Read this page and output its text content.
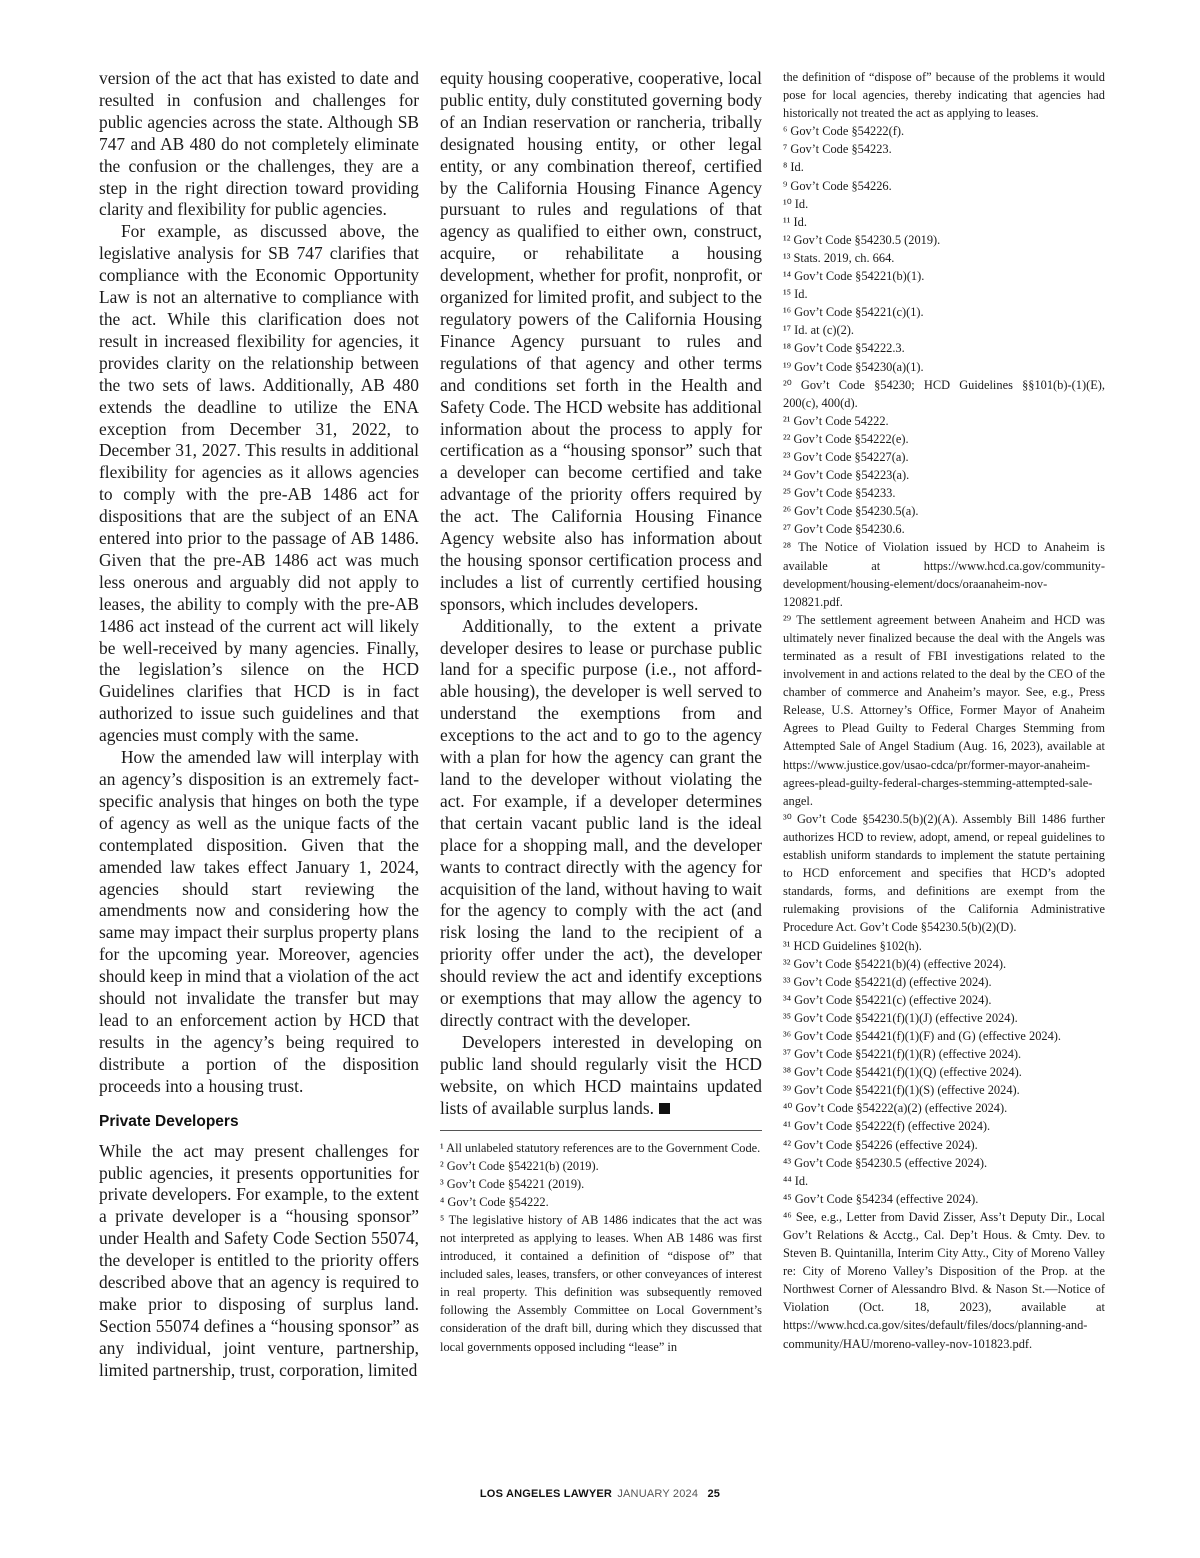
version of the act that has existed to date and resulted in confusion and challenges for public agencies across the state. Although SB 747 and AB 480 do not completely eliminate the confusion or the challenges, they are a step in the right direction toward providing clarity and flexibility for public agencies.

For example, as discussed above, the legislative analysis for SB 747 clarifies that compliance with the Economic Opportunity Law is not an alternative to compliance with the act. While this clarification does not result in increased flexibility for agencies, it provides clarity on the relationship between the two sets of laws. Additionally, AB 480 extends the deadline to utilize the ENA exception from December 31, 2022, to December 31, 2027. This results in additional flexibility for agencies as it allows agencies to comply with the pre-AB 1486 act for dispositions that are the subject of an ENA entered into prior to the passage of AB 1486. Given that the pre-AB 1486 act was much less onerous and arguably did not apply to leases, the ability to comply with the pre-AB 1486 act instead of the current act will likely be well-received by many agencies. Finally, the legislation’s silence on the HCD Guidelines clarifies that HCD is in fact authorized to issue such guidelines and that agencies must comply with the same.

How the amended law will interplay with an agency’s disposition is an extremely fact-specific analysis that hinges on both the type of agency as well as the unique facts of the contemplated disposition. Given that the amended law takes effect January 1, 2024, agencies should start reviewing the amendments now and considering how the same may impact their surplus property plans for the upcoming year. Moreover, agencies should keep in mind that a violation of the act should not invalidate the transfer but may lead to an enforcement action by HCD that results in the agency’s being required to distribute a portion of the disposition proceeds into a housing trust.

Private Developers

While the act may present challenges for public agencies, it presents opportunities for private developers. For example, to the extent a private developer is a “housing sponsor” under Health and Safety Code Section 55074, the developer is entitled to the priority offers described above that an agency is required to make prior to disposing of surplus land. Section 55074 defines a “housing sponsor” as any individual, joint venture, partnership, limited partnership, trust, corporation, limited

equity housing cooperative, cooperative, local public entity, duly constituted governing body of an Indian reservation or rancheria, tribally designated housing entity, or other legal entity, or any combination thereof, certified by the California Housing Finance Agency pursuant to rules and regulations of that agency as qualified to either own, construct, acquire, or rehabilitate a housing development, whether for profit, nonprofit, or organized for limited profit, and subject to the regulatory powers of the California Housing Finance Agency pursuant to rules and regulations of that agency and other terms and conditions set forth in the Health and Safety Code. The HCD website has additional information about the process to apply for certification as a “housing sponsor” such that a developer can become certified and take advantage of the priority offers required by the act. The California Housing Finance Agency website also has information about the housing sponsor certification process and includes a list of currently certified housing sponsors, which includes developers.

Additionally, to the extent a private developer desires to lease or purchase public land for a specific purpose (i.e., not affordable housing), the developer is well served to understand the exemptions from and exceptions to the act and to go to the agency with a plan for how the agency can grant the land to the developer without violating the act. For example, if a developer determines that certain vacant public land is the ideal place for a shopping mall, and the developer wants to contract directly with the agency for acquisition of the land, without having to wait for the agency to comply with the act (and risk losing the land to the recipient of a priority offer under the act), the developer should review the act and identify exceptions or exemptions that may allow the agency to directly contract with the developer.

Developers interested in developing on public land should regularly visit the HCD website, on which HCD maintains updated lists of available surplus lands.

¹ All unlabeled statutory references are to the Government Code.

² Gov’t Code §54221(b) (2019).

³ Gov’t Code §54221 (2019).

⁴ Gov’t Code §54222.

⁵ The legislative history of AB 1486 indicates that the act was not interpreted as applying to leases. When AB 1486 was first introduced, it contained a definition of “dispose of” that included sales, leases, transfers, or other conveyances of interest in real property. This definition was subsequently removed following the Assembly Committee on Local Government’s consideration of the draft bill, during which they discussed that local governments opposed including “lease” in

the definition of “dispose of” because of the problems it would pose for local agencies, thereby indicating that agencies had historically not treated the act as applying to leases.

⁶ Gov’t Code §54222(f).

⁷ Gov’t Code §54223.

⁸ Id.

⁹ Gov’t Code §54226.

¹⁰ Id.

¹¹ Id.

¹² Gov’t Code §54230.5 (2019).

¹³ Stats. 2019, ch. 664.

¹⁴ Gov’t Code §54221(b)(1).

¹⁵ Id.

¹⁶ Gov’t Code §54221(c)(1).

¹⁷ Id. at (c)(2).

¹⁸ Gov’t Code §54222.3.

¹⁹ Gov’t Code §54230(a)(1).

²⁰ Gov’t Code §54230; HCD Guidelines §§101(b)-(1)(E), 200(c), 400(d).

²¹ Gov’t Code 54222.

²² Gov’t Code §54222(e).

²³ Gov’t Code §54227(a).

²⁴ Gov’t Code §54223(a).

²⁵ Gov’t Code §54233.

²⁶ Gov’t Code §54230.5(a).

²⁷ Gov’t Code §54230.6.

²⁸ The Notice of Violation issued by HCD to Anaheim is available at https://www.hcd.ca.gov/community-development/housing-element/docs/oraanaheim-nov-120821.pdf.

²⁹ The settlement agreement between Anaheim and HCD was ultimately never finalized because the deal with the Angels was terminated as a result of FBI investigations related to the involvement in and actions related to the deal by the CEO of the chamber of commerce and Anaheim’s mayor. See, e.g., Press Release, U.S. Attorney’s Office, Former Mayor of Anaheim Agrees to Plead Guilty to Federal Charges Stemming from Attempted Sale of Angel Stadium (Aug. 16, 2023), available at https://www.justice.gov/usao-cdca/pr/former-mayor-anaheim-agrees-plead-guilty-federal-charges-stemming-attempted-sale-angel.

³⁰ Gov’t Code §54230.5(b)(2)(A). Assembly Bill 1486 further authorizes HCD to review, adopt, amend, or repeal guidelines to establish uniform standards to implement the statute pertaining to HCD enforcement and specifies that HCD’s adopted standards, forms, and definitions are exempt from the rulemaking provisions of the California Administrative Procedure Act. Gov’t Code §54230.5(b)(2)(D).

³¹ HCD Guidelines §102(h).

³² Gov’t Code §54221(b)(4) (effective 2024).

³³ Gov’t Code §54221(d) (effective 2024).

³⁴ Gov’t Code §54221(c) (effective 2024).

³⁵ Gov’t Code §54221(f)(1)(J) (effective 2024).

³⁶ Gov’t Code §54421(f)(1)(F) and (G) (effective 2024).

³⁷ Gov’t Code §54221(f)(1)(R) (effective 2024).

³⁸ Gov’t Code §54421(f)(1)(Q) (effective 2024).

³⁹ Gov’t Code §54221(f)(1)(S) (effective 2024).

⁴⁰ Gov’t Code §54222(a)(2) (effective 2024).

⁴¹ Gov’t Code §54222(f) (effective 2024).

⁴² Gov’t Code §54226 (effective 2024).

⁴³ Gov’t Code §54230.5 (effective 2024).

⁴⁴ Id.

⁴⁵ Gov’t Code §54234 (effective 2024).

⁴⁶ See, e.g., Letter from David Zisser, Ass’t Deputy Dir., Local Gov’t Relations & Acctg., Cal. Dep’t Hous. & Cmty. Dev. to Steven B. Quintanilla, Interim City Atty., City of Moreno Valley re: City of Moreno Valley’s Disposition of the Prop. at the Northwest Corner of Alessandro Blvd. & Nason St.—Notice of Violation (Oct. 18, 2023), available at https://www.hcd.ca.gov/sites/default/files/docs/planning-and-community/HAU/moreno-valley-nov-101823.pdf.

LOS ANGELES LAWYER JANUARY 2024 25
